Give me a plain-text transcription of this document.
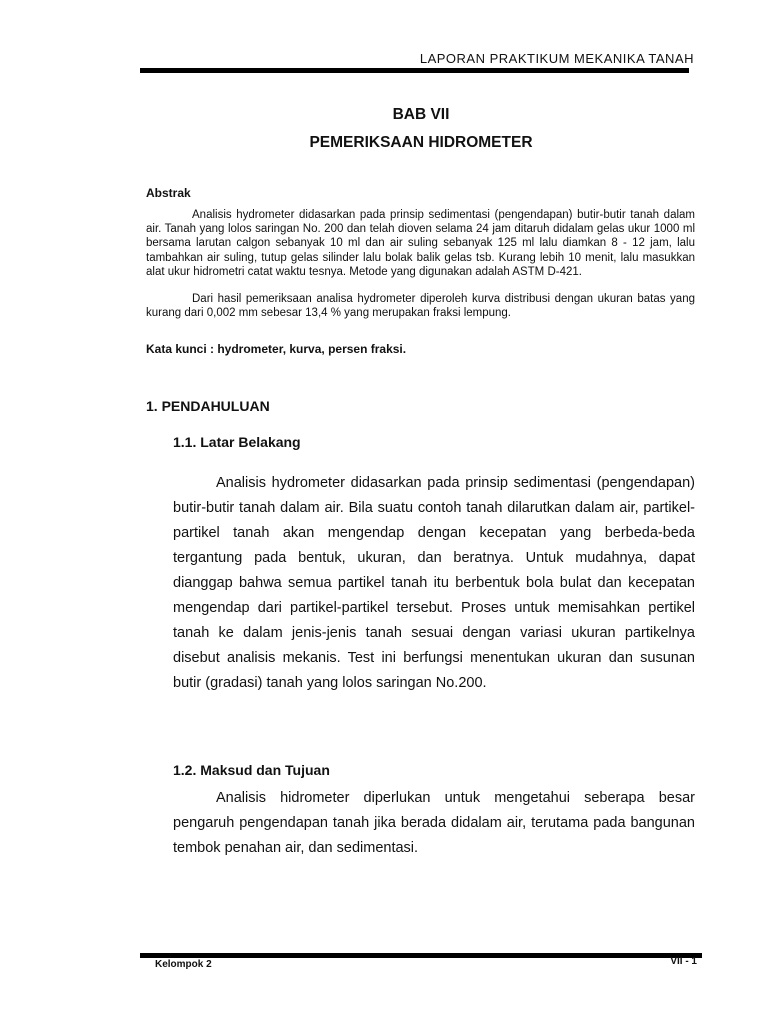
LAPORAN PRAKTIKUM MEKANIKA TANAH
BAB VII
PEMERIKSAAN HIDROMETER
Abstrak

Analisis hydrometer didasarkan pada prinsip sedimentasi (pengendapan) butir-butir tanah dalam air. Tanah yang lolos saringan No. 200 dan telah dioven selama 24 jam ditaruh didalam gelas ukur 1000 ml bersama larutan calgon sebanyak 10 ml dan air suling sebanyak 125 ml lalu diamkan 8 - 12 jam, lalu tambahkan air suling, tutup gelas silinder lalu bolak balik gelas tsb. Kurang lebih 10 menit, lalu masukkan alat ukur hidrometri catat waktu tesnya. Metode yang digunakan adalah ASTM D-421.

Dari hasil pemeriksaan analisa hydrometer diperoleh kurva distribusi dengan ukuran batas yang kurang dari 0,002 mm sebesar 13,4 % yang merupakan fraksi lempung.

Kata kunci : hydrometer, kurva, persen fraksi.
1. PENDAHULUAN
1.1. Latar Belakang

Analisis hydrometer didasarkan pada prinsip sedimentasi (pengendapan) butir-butir tanah dalam air. Bila suatu contoh tanah dilarutkan dalam air, partikel-partikel tanah akan mengendap dengan kecepatan yang berbeda-beda tergantung pada bentuk, ukuran, dan beratnya. Untuk mudahnya, dapat dianggap bahwa semua partikel tanah itu berbentuk bola bulat dan kecepatan mengendap dari partikel-partikel tersebut. Proses untuk memisahkan pertikel tanah ke dalam jenis-jenis tanah sesuai dengan variasi ukuran partikelnya disebut analisis mekanis. Test ini berfungsi menentukan ukuran dan susunan butir (gradasi) tanah yang lolos saringan No.200.

1.2. Maksud dan Tujuan

Analisis hidrometer diperlukan untuk mengetahui seberapa besar pengaruh pengendapan tanah jika berada didalam air, terutama pada bangunan tembok penahan air, dan sedimentasi.

Kelompok 2	VII - 1
